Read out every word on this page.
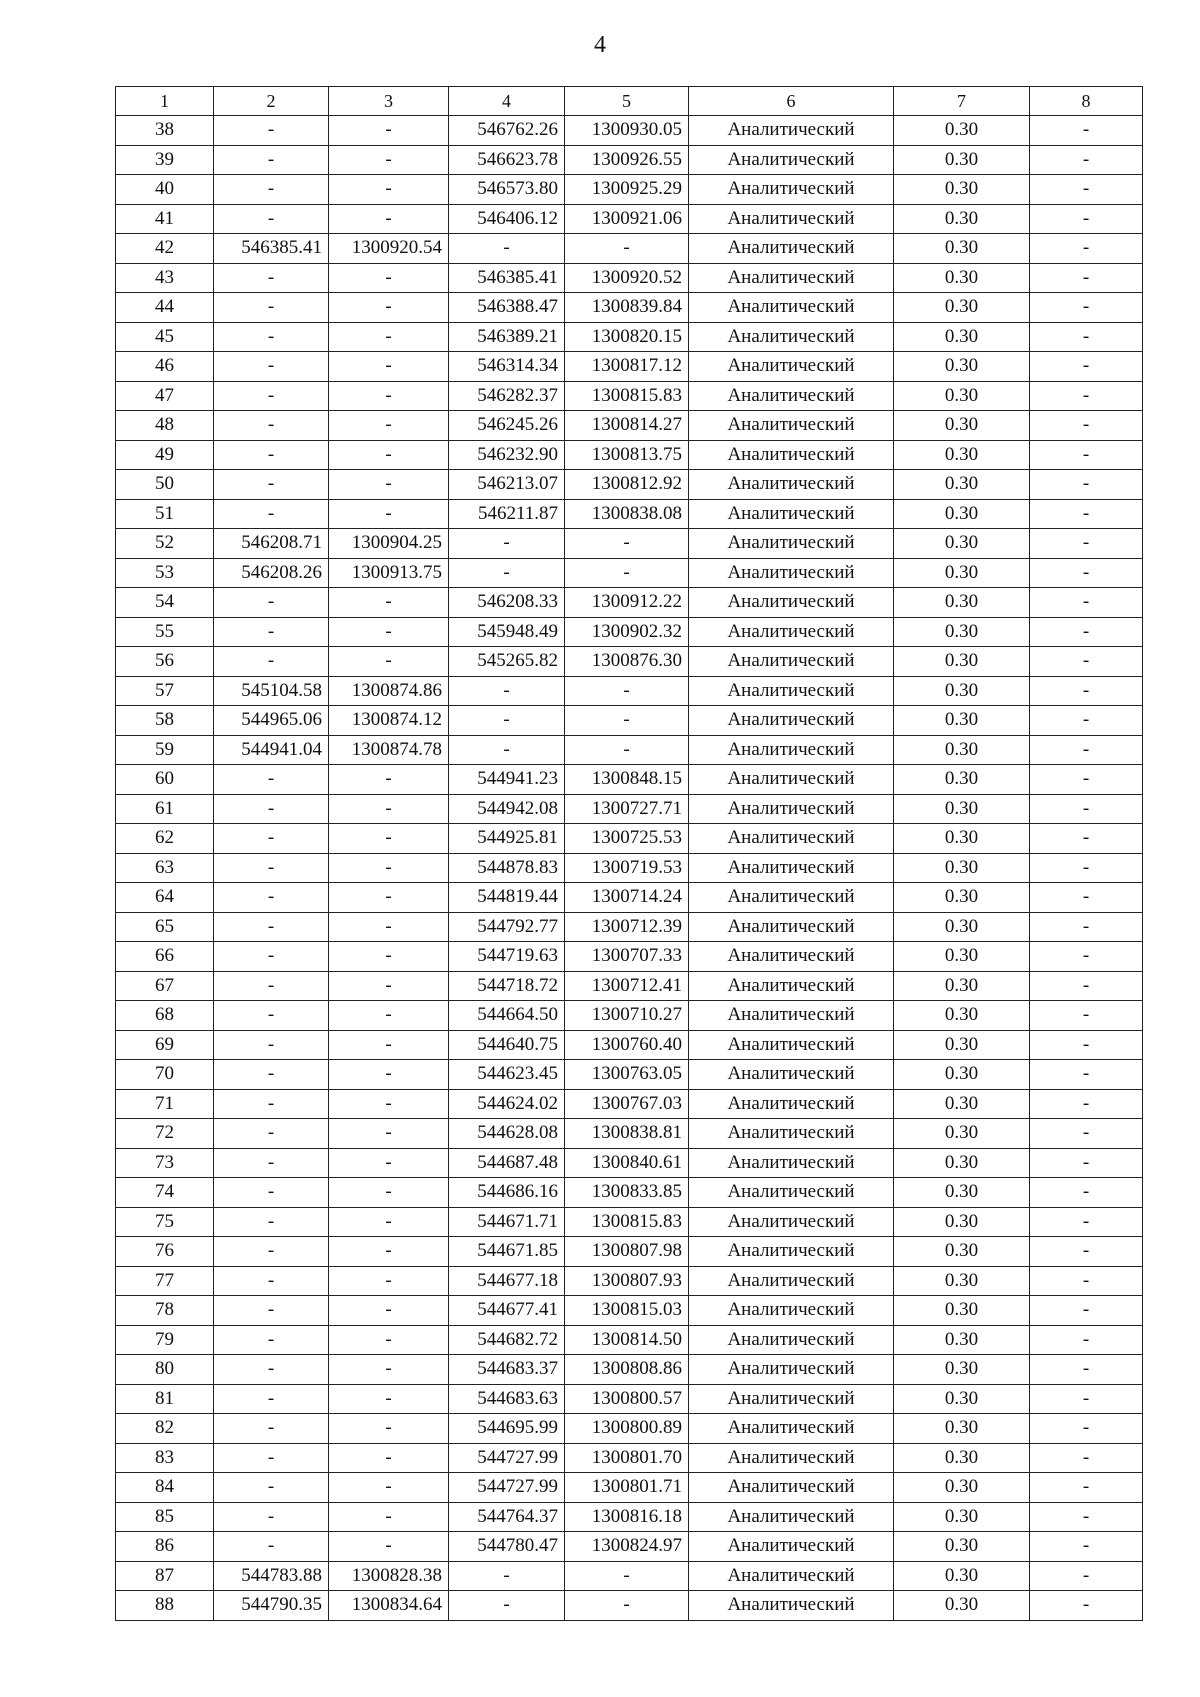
4
1	2	3	4	5	6	7	8
38	-	-	546762.26	1300930.05	Аналитический	0.30	-
39	-	-	546623.78	1300926.55	Аналитический	0.30	-
40	-	-	546573.80	1300925.29	Аналитический	0.30	-
41	-	-	546406.12	1300921.06	Аналитический	0.30	-
42	546385.41	1300920.54	-	-	Аналитический	0.30	-
43	-	-	546385.41	1300920.52	Аналитический	0.30	-
44	-	-	546388.47	1300839.84	Аналитический	0.30	-
45	-	-	546389.21	1300820.15	Аналитический	0.30	-
46	-	-	546314.34	1300817.12	Аналитический	0.30	-
47	-	-	546282.37	1300815.83	Аналитический	0.30	-
48	-	-	546245.26	1300814.27	Аналитический	0.30	-
49	-	-	546232.90	1300813.75	Аналитический	0.30	-
50	-	-	546213.07	1300812.92	Аналитический	0.30	-
51	-	-	546211.87	1300838.08	Аналитический	0.30	-
52	546208.71	1300904.25	-	-	Аналитический	0.30	-
53	546208.26	1300913.75	-	-	Аналитический	0.30	-
54	-	-	546208.33	1300912.22	Аналитический	0.30	-
55	-	-	545948.49	1300902.32	Аналитический	0.30	-
56	-	-	545265.82	1300876.30	Аналитический	0.30	-
57	545104.58	1300874.86	-	-	Аналитический	0.30	-
58	544965.06	1300874.12	-	-	Аналитический	0.30	-
59	544941.04	1300874.78	-	-	Аналитический	0.30	-
60	-	-	544941.23	1300848.15	Аналитический	0.30	-
61	-	-	544942.08	1300727.71	Аналитический	0.30	-
62	-	-	544925.81	1300725.53	Аналитический	0.30	-
63	-	-	544878.83	1300719.53	Аналитический	0.30	-
64	-	-	544819.44	1300714.24	Аналитический	0.30	-
65	-	-	544792.77	1300712.39	Аналитический	0.30	-
66	-	-	544719.63	1300707.33	Аналитический	0.30	-
67	-	-	544718.72	1300712.41	Аналитический	0.30	-
68	-	-	544664.50	1300710.27	Аналитический	0.30	-
69	-	-	544640.75	1300760.40	Аналитический	0.30	-
70	-	-	544623.45	1300763.05	Аналитический	0.30	-
71	-	-	544624.02	1300767.03	Аналитический	0.30	-
72	-	-	544628.08	1300838.81	Аналитический	0.30	-
73	-	-	544687.48	1300840.61	Аналитический	0.30	-
74	-	-	544686.16	1300833.85	Аналитический	0.30	-
75	-	-	544671.71	1300815.83	Аналитический	0.30	-
76	-	-	544671.85	1300807.98	Аналитический	0.30	-
77	-	-	544677.18	1300807.93	Аналитический	0.30	-
78	-	-	544677.41	1300815.03	Аналитический	0.30	-
79	-	-	544682.72	1300814.50	Аналитический	0.30	-
80	-	-	544683.37	1300808.86	Аналитический	0.30	-
81	-	-	544683.63	1300800.57	Аналитический	0.30	-
82	-	-	544695.99	1300800.89	Аналитический	0.30	-
83	-	-	544727.99	1300801.70	Аналитический	0.30	-
84	-	-	544727.99	1300801.71	Аналитический	0.30	-
85	-	-	544764.37	1300816.18	Аналитический	0.30	-
86	-	-	544780.47	1300824.97	Аналитический	0.30	-
87	544783.88	1300828.38	-	-	Аналитический	0.30	-
88	544790.35	1300834.64	-	-	Аналитический	0.30	-
